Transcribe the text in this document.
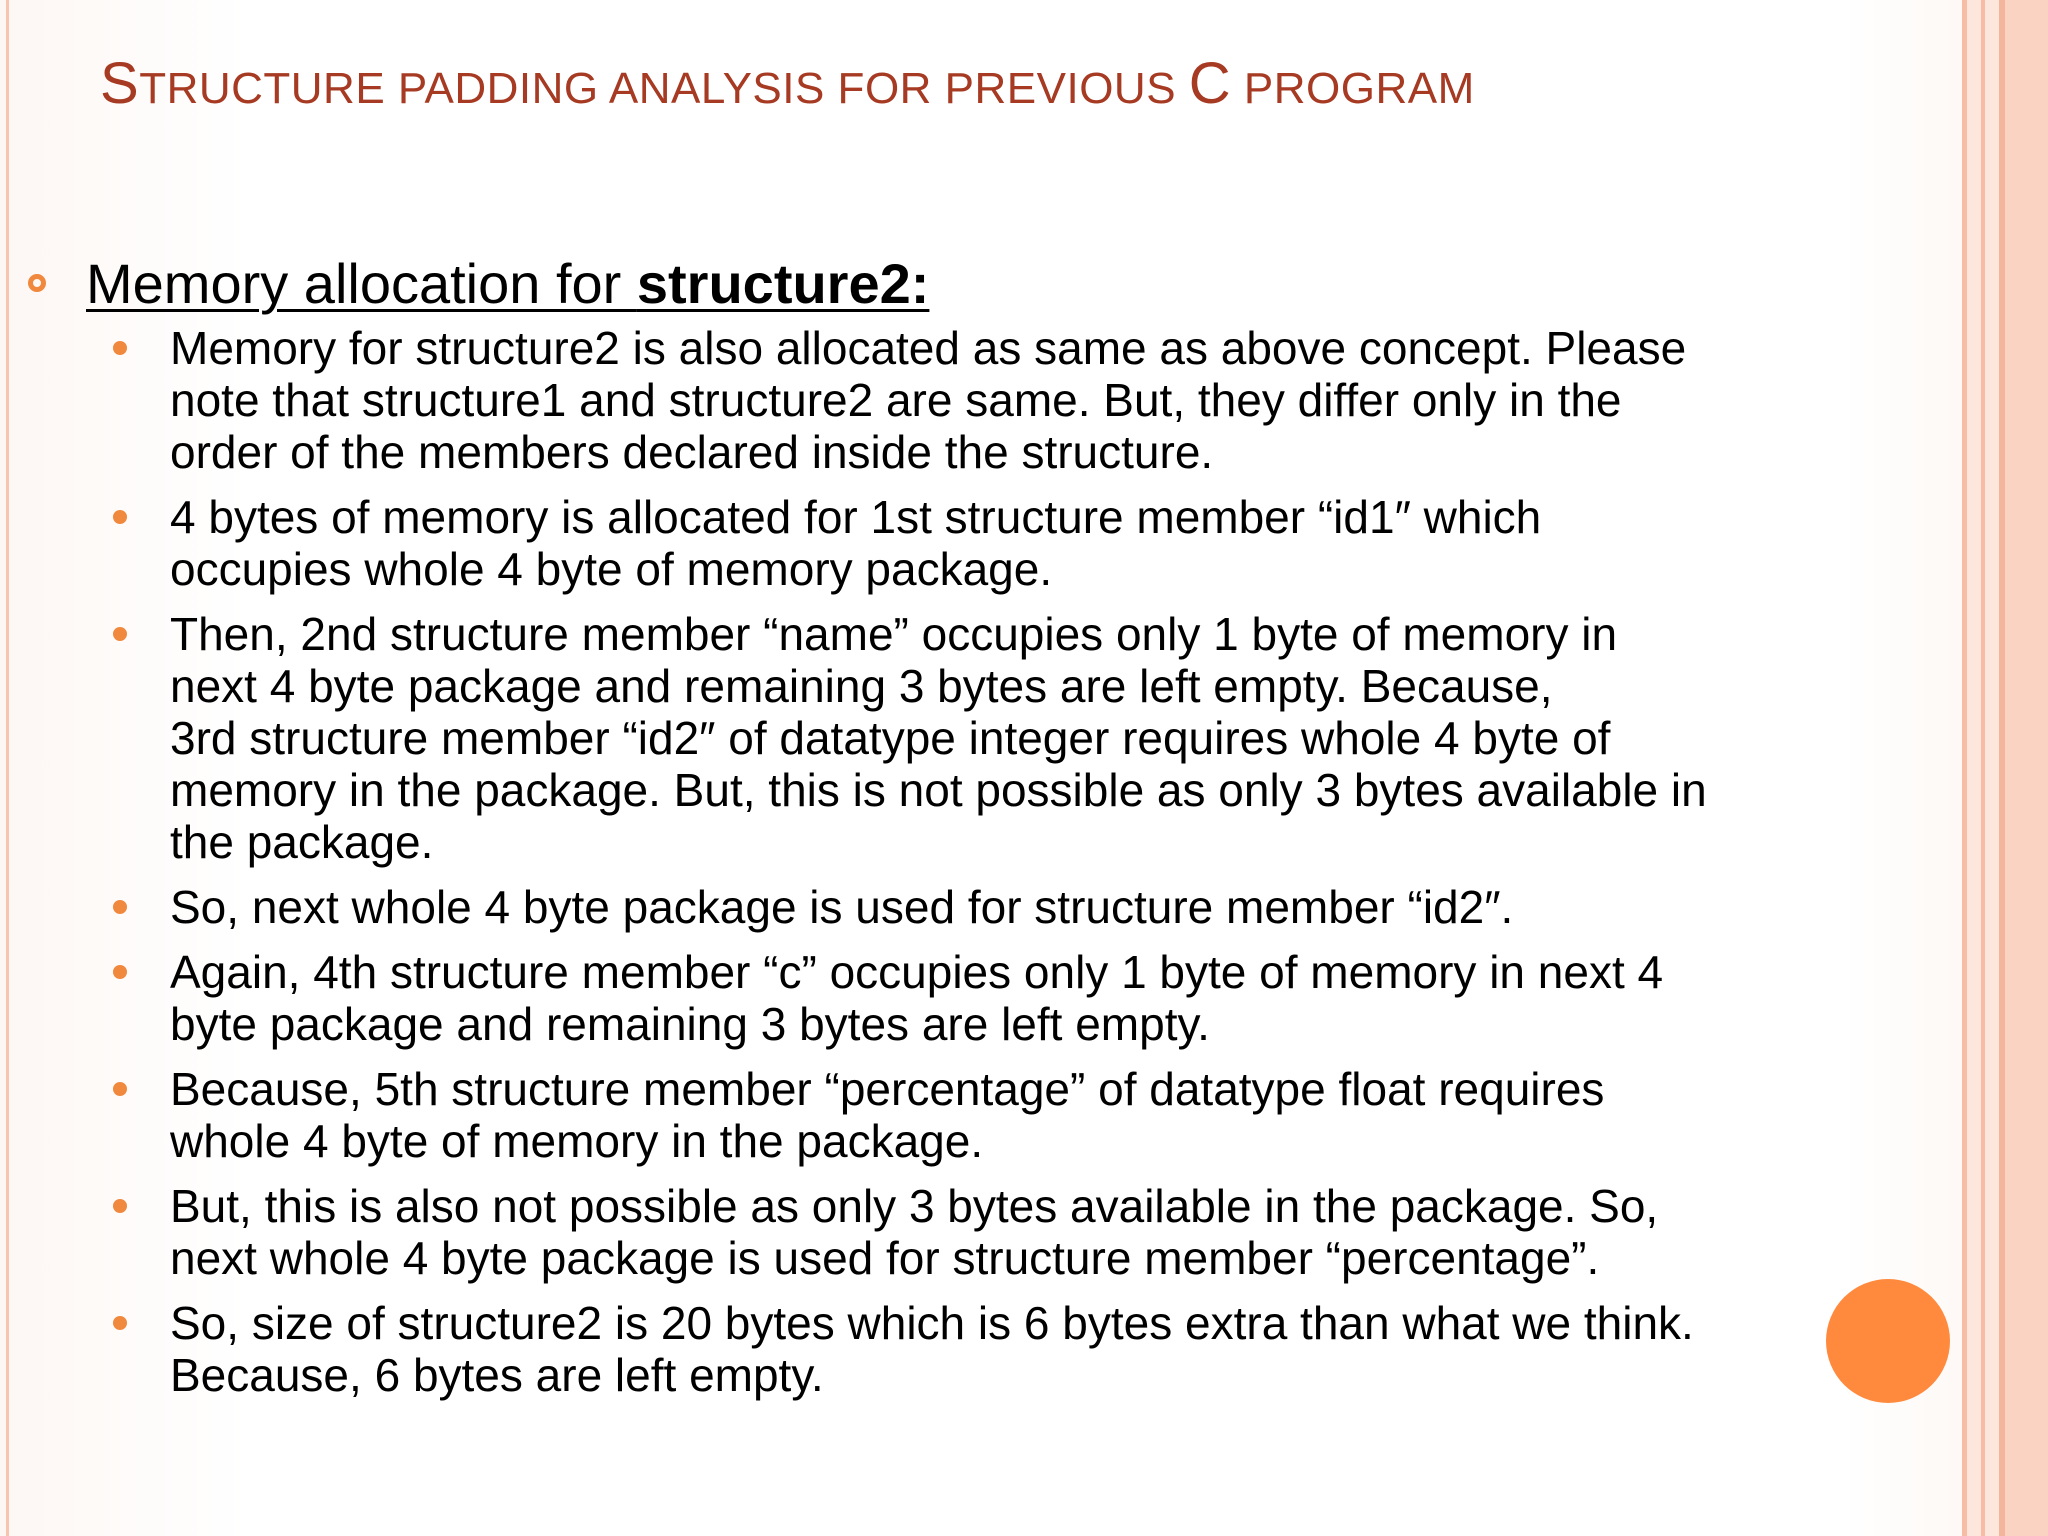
STRUCTURE PADDING ANALYSIS FOR PREVIOUS C PROGRAM
Memory allocation for structure2:
Memory for structure2 is also allocated as same as above concept. Please
note that structure1 and structure2 are same. But, they differ only in the
order of the members declared inside the structure.
4 bytes of memory is allocated for 1st structure member “id1″ which
occupies whole 4 byte of memory package.
Then, 2nd structure member “name” occupies only 1 byte of memory in
next 4 byte package and remaining 3 bytes are left empty. Because,
3rd structure member “id2″ of datatype integer requires whole 4 byte of
memory in the package. But, this is not possible as only 3 bytes available in
the package.
So, next whole 4 byte package is used for structure member “id2″.
Again, 4th structure member “c” occupies only 1 byte of memory in next 4
byte package and remaining 3 bytes are left empty.
Because, 5th structure member “percentage” of datatype float requires
whole 4 byte of memory in the package.
But, this is also not possible as only 3 bytes available in the package. So,
next whole 4 byte package is used for structure member “percentage”.
So, size of structure2 is 20 bytes which is 6 bytes extra than what we think.
Because, 6 bytes are left empty.
